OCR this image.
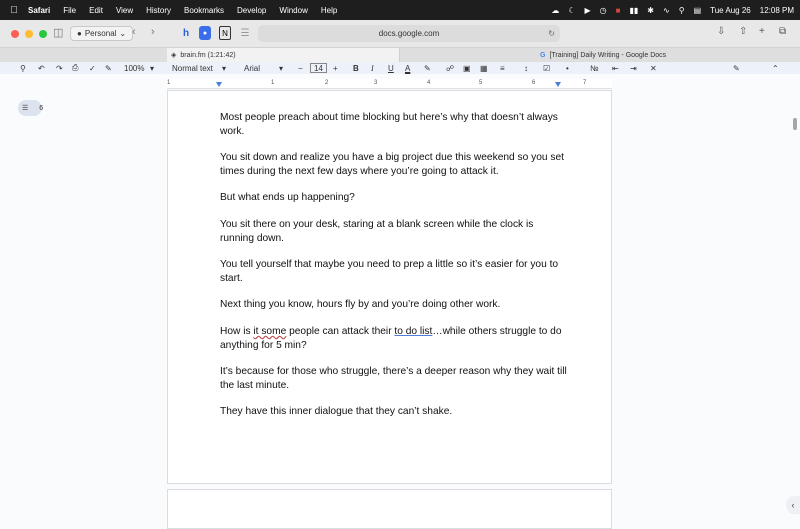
Safari File Edit View History Bookmarks Develop Window Help	☁ ☾ ▶ ◷ ■ ▮▮ ✱ ∿ ⚲ ▤ Tue Aug 26 12:08 PM
◫ ● Personal ⌄ ‹ ›	h	●	N	☰	docs.google.com	↻	⇩ ⇧ + ⧉
◈ brain.fm (1:21:42)	G [Training] Daily Writing - Google Docs
⚲ ↶ ↷ ⎙ ✓ ✎ 100% ▾ Normal text ▾ Arial ▾ −	14	+ B I U A ✎ ☍ ▣ ▦ ≡ ↕ ☑ •	№ ⇤ ⇥ ✕	✎	⌃
☰ 6
1	1	2	3	4	5	6	7

Most people preach about time blocking but here’s why that doesn’t always work.

You sit down and realize you have a big project due this weekend so you set times during the next few days where you’re going to attack it.

But what ends up happening?

You sit there on your desk, staring at a blank screen while the clock is running down.

You tell yourself that maybe you need to prep a little so it’s easier for you to start.

Next thing you know, hours fly by and you’re doing other work.

How is it some people can attack their to do list…while others struggle to do anything for 5 min?

It’s because for those who struggle, there’s a deeper reason why they wait till the last minute.

They have this inner dialogue that they can’t shake.

‹
